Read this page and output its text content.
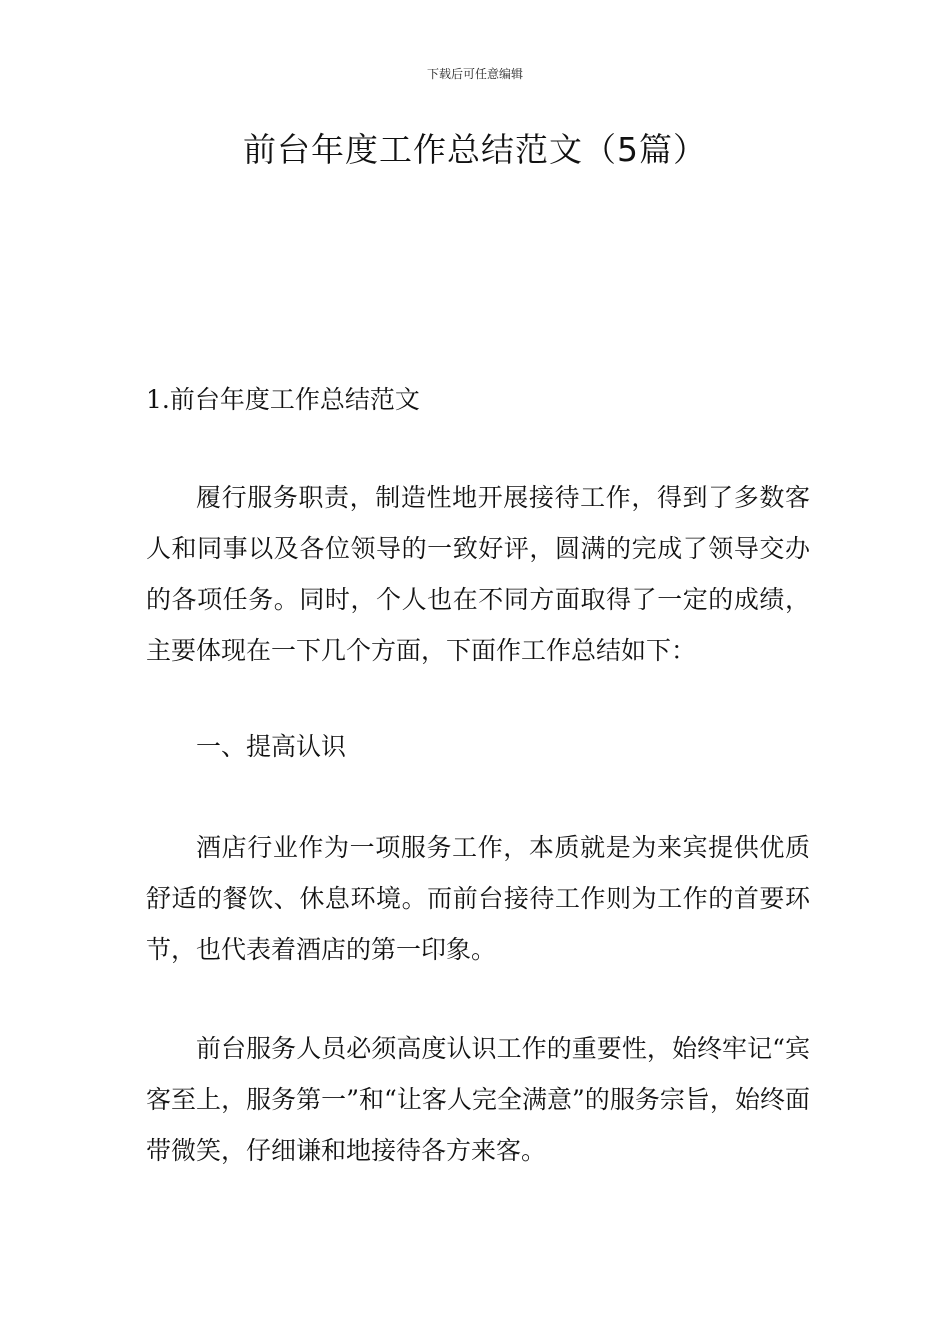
下载后可任意编辑
前台年度工作总结范文（5篇）

1.前台年度工作总结范文

履行服务职责，制造性地开展接待工作，得到了多数客人和同事以及各位领导的一致好评，圆满的完成了领导交办的各项任务。同时，个人也在不同方面取得了一定的成绩，主要体现在一下几个方面，下面作工作总结如下：

一、提高认识

酒店行业作为一项服务工作，本质就是为来宾提供优质舒适的餐饮、休息环境。而前台接待工作则为工作的首要环节，也代表着酒店的第一印象。

前台服务人员必须高度认识工作的重要性，始终牢记“宾客至上，服务第一”和“让客人完全满意”的服务宗旨，始终面带微笑，仔细谦和地接待各方来客。
